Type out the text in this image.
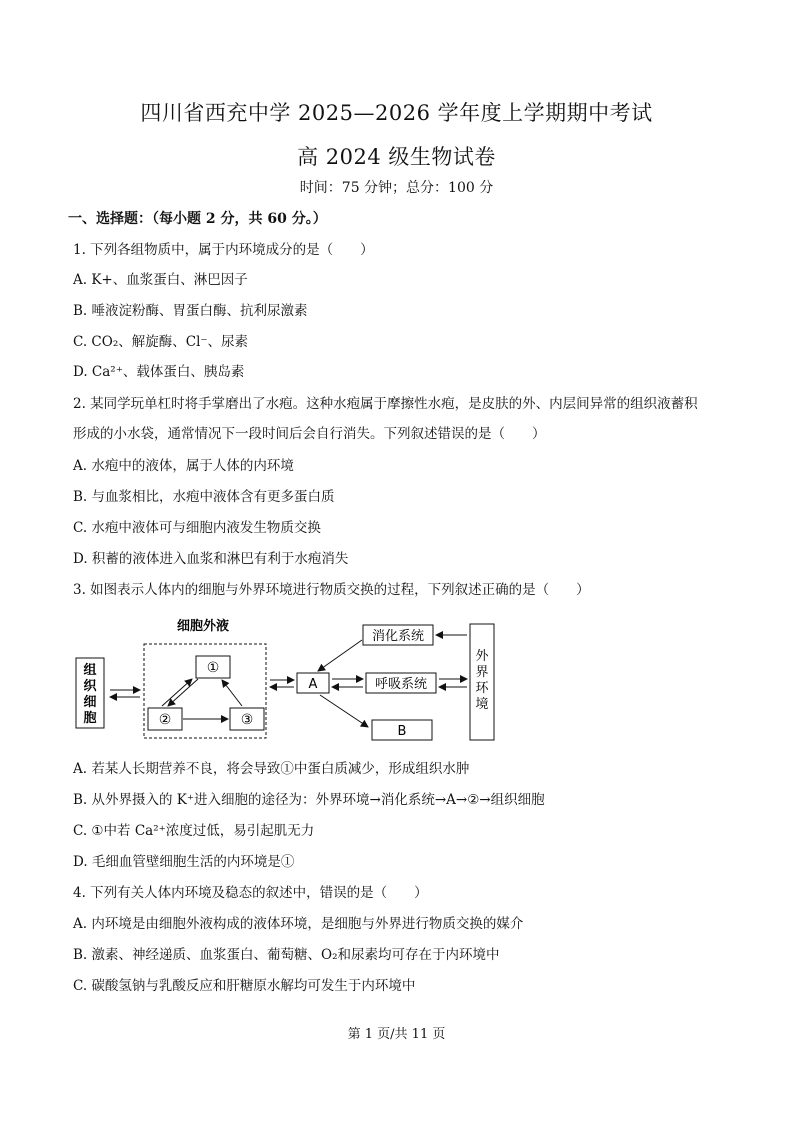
四川省西充中学 2025—2026 学年度上学期期中考试
高 2024 级生物试卷
时间：75 分钟；总分：100 分
一、选择题：（每小题 2 分，共 60 分。）
1. 下列各组物质中，属于内环境成分的是（　　）
A. K+、血浆蛋白、淋巴因子
B. 唾液淀粉酶、胃蛋白酶、抗利尿激素
C. CO₂、解旋酶、Cl⁻、尿素
D. Ca²⁺、载体蛋白、胰岛素
2. 某同学玩单杠时将手掌磨出了水疱。这种水疱属于摩擦性水疱，是皮肤的外、内层间异常的组织液蓄积
形成的小水袋，通常情况下一段时间后会自行消失。下列叙述错误的是（　　）
A. 水疱中的液体，属于人体的内环境
B. 与血浆相比，水疱中液体含有更多蛋白质
C. 水疱中液体可与细胞内液发生物质交换
D. 积蓄的液体进入血浆和淋巴有利于水疱消失
3. 如图表示人体内的细胞与外界环境进行物质交换的过程，下列叙述正确的是（　　）
细胞外液
组
织
细
胞
①
②	③
A
消化系统
呼吸系统
B
外
界
环
境
A. 若某人长期营养不良，将会导致①中蛋白质减少，形成组织水肿
B. 从外界摄入的 K⁺进入细胞的途径为：外界环境→消化系统→A→②→组织细胞
C. ①中若 Ca²⁺浓度过低，易引起肌无力
D. 毛细血管壁细胞生活的内环境是①
4. 下列有关人体内环境及稳态的叙述中，错误的是（　　）
A. 内环境是由细胞外液构成的液体环境，是细胞与外界进行物质交换的媒介
B. 激素、神经递质、血浆蛋白、葡萄糖、O₂和尿素均可存在于内环境中
C. 碳酸氢钠与乳酸反应和肝糖原水解均可发生于内环境中
第 1 页/共 11 页
